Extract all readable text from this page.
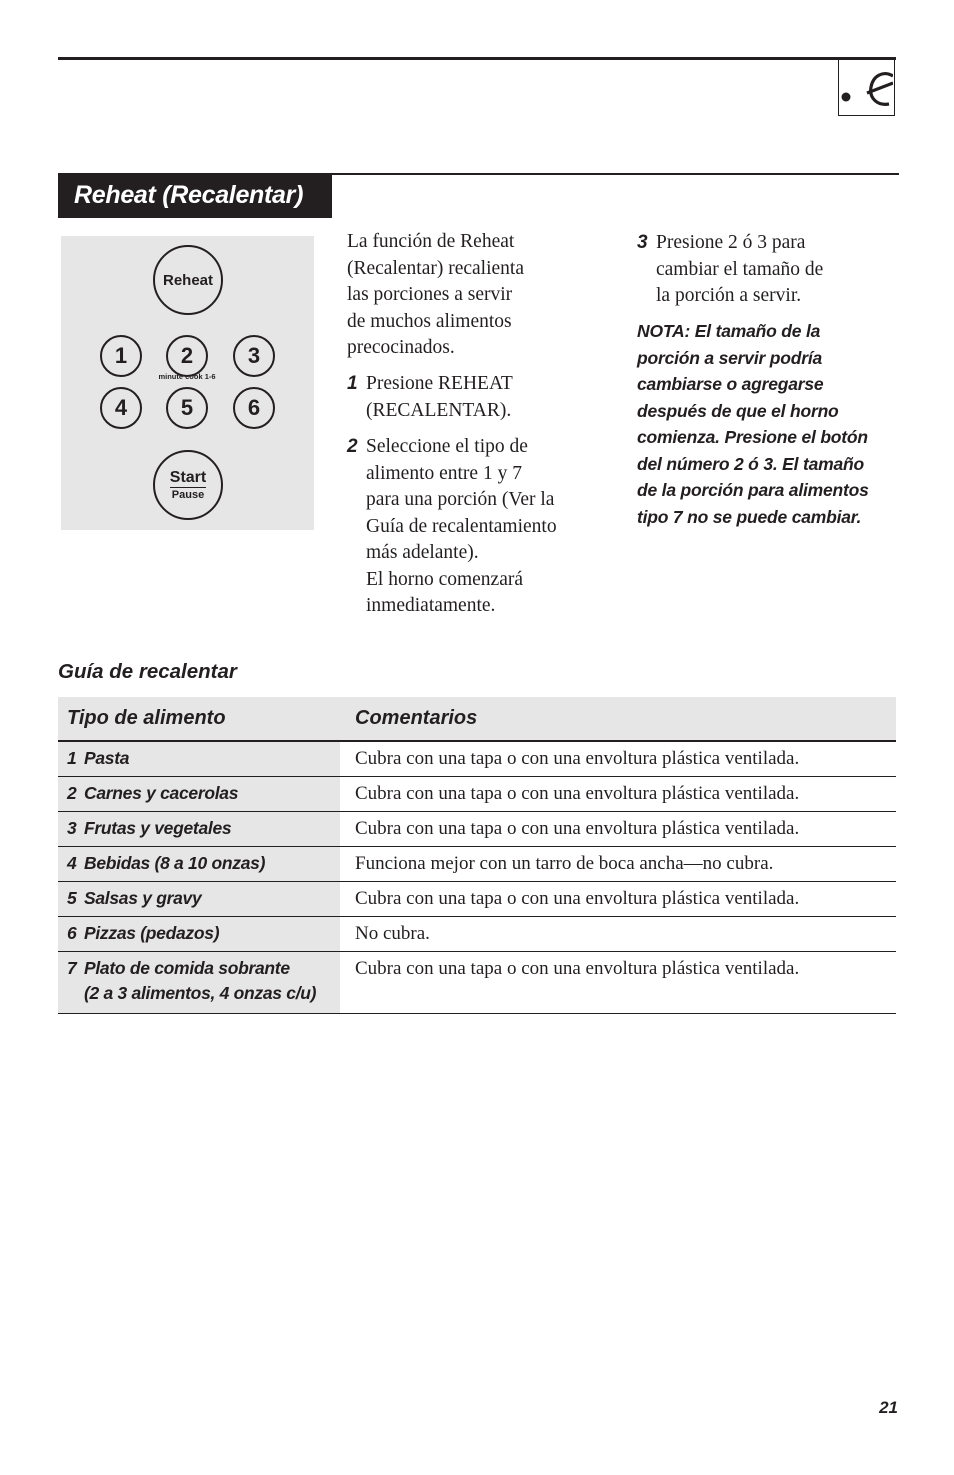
Reheat (Recalentar)
Reheat
1 2 3
minute cook 1-6
4 5 6
Start
Pause
La función de Reheat
(Recalentar) recalienta
las porciones a servir
de muchos alimentos
precocinados.
1 Presione REHEAT
(RECALENTAR).
2 Seleccione el tipo de
alimento entre 1 y 7
para una porción (Ver la
Guía de recalentamiento
más adelante).
El horno comenzará
inmediatamente.
3 Presione 2 ó 3 para
cambiar el tamaño de
la porción a servir.
NOTA: El tamaño de la
porción a servir podría
cambiarse o agregarse
después de que el horno
comienza. Presione el botón
del número 2 ó 3. El tamaño
de la porción para alimentos
tipo 7 no se puede cambiar.
Guía de recalentar
Tipo de alimento	Comentarios
1 Pasta	Cubra con una tapa o con una envoltura plástica ventilada.
2 Carnes y cacerolas	Cubra con una tapa o con una envoltura plástica ventilada.
3 Frutas y vegetales	Cubra con una tapa o con una envoltura plástica ventilada.
4 Bebidas (8 a 10 onzas)	Funciona mejor con un tarro de boca ancha—no cubra.
5 Salsas y gravy	Cubra con una tapa o con una envoltura plástica ventilada.
6 Pizzas (pedazos)	No cubra.
7 Plato de comida sobrante
(2 a 3 alimentos, 4 onzas c/u)	Cubra con una tapa o con una envoltura plástica ventilada.
21
